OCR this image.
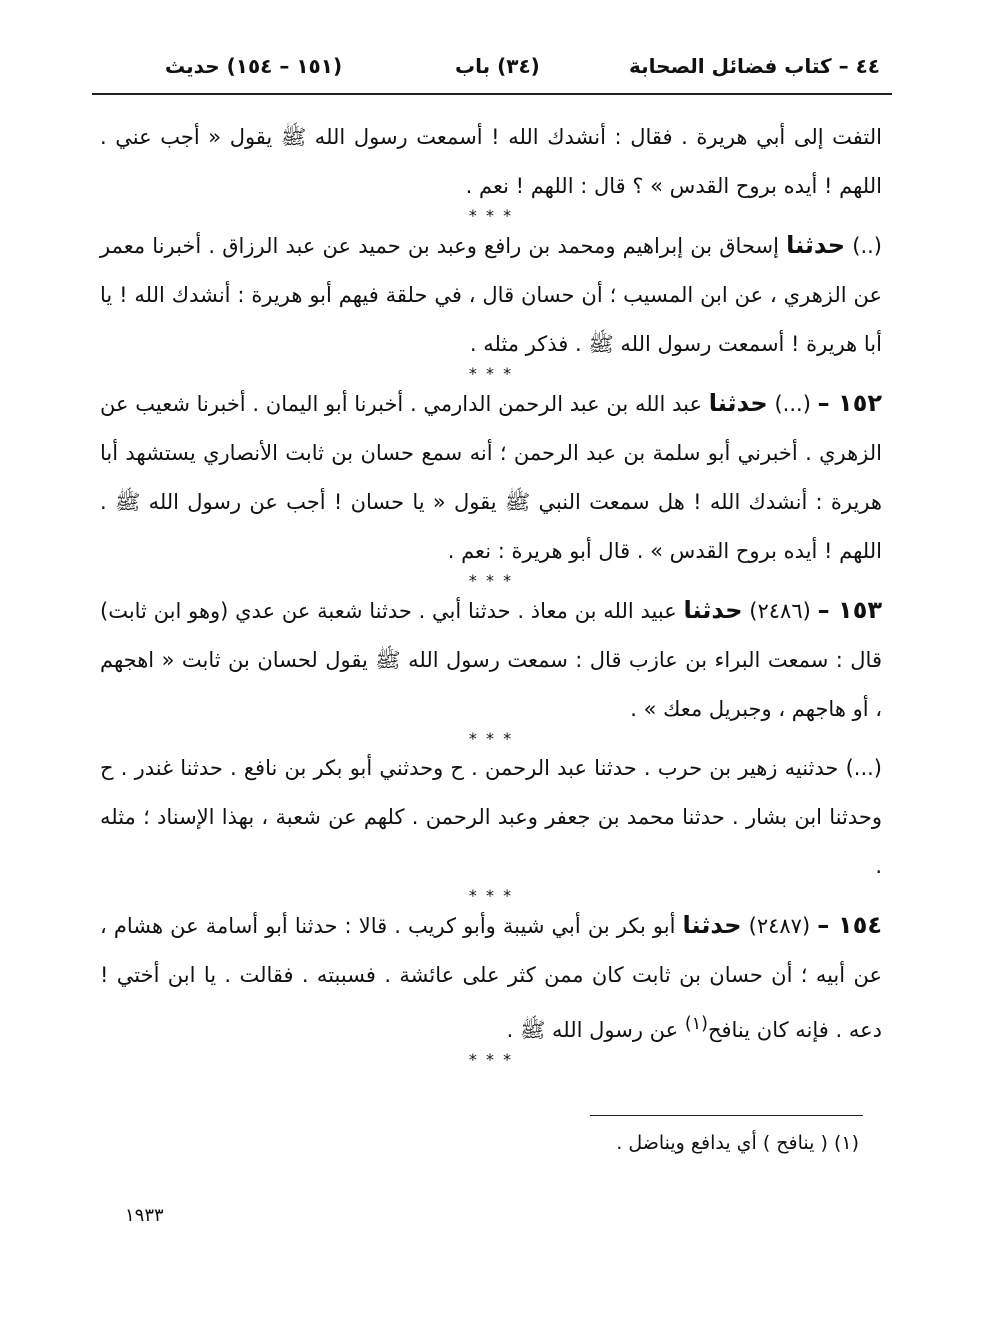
٤٤ – كتاب فضائل الصحابة
(٣٤) باب
(١٥١ – ١٥٤) حديث

التفت إلى أبي هريرة . فقال : أنشدك الله ! أسمعت رسول الله ﷺ يقول « أجب عني . اللهم ! أيده بروح القدس » ؟ قال : اللهم ! نعم .

* * *

(..) حدثنا إسحاق بن إبراهيم ومحمد بن رافع وعبد بن حميد عن عبد الرزاق . أخبرنا معمر عن الزهري ، عن ابن المسيب ؛ أن حسان قال ، في حلقة فيهم أبو هريرة : أنشدك الله ! يا أبا هريرة ! أسمعت رسول الله ﷺ . فذكر مثله .

* * *

١٥٢ – (...) حدثنا عبد الله بن عبد الرحمن الدارمي . أخبرنا أبو اليمان . أخبرنا شعيب عن الزهري . أخبرني أبو سلمة بن عبد الرحمن ؛ أنه سمع حسان بن ثابت الأنصاري يستشهد أبا هريرة : أنشدك الله ! هل سمعت النبي ﷺ يقول « يا حسان ! أجب عن رسول الله ﷺ . اللهم ! أيده بروح القدس » . قال أبو هريرة : نعم .

* * *

١٥٣ – (٢٤٨٦) حدثنا عبيد الله بن معاذ . حدثنا أبي . حدثنا شعبة عن عدي (وهو ابن ثابت) قال : سمعت البراء بن عازب قال : سمعت رسول الله ﷺ يقول لحسان بن ثابت « اهجهم ، أو هاجهم ، وجبريل معك » .

* * *

(...) حدثنيه زهير بن حرب . حدثنا عبد الرحمن . ح وحدثني أبو بكر بن نافع . حدثنا غندر . ح وحدثنا ابن بشار . حدثنا محمد بن جعفر وعبد الرحمن . كلهم عن شعبة ، بهذا الإسناد ؛ مثله .

* * *

١٥٤ – (٢٤٨٧) حدثنا أبو بكر بن أبي شيبة وأبو كريب . قالا : حدثنا أبو أسامة عن هشام ، عن أبيه ؛ أن حسان بن ثابت كان ممن كثر على عائشة . فسببته . فقالت . يا ابن أختي ! دعه . فإنه كان ينافح$^{(١)}$ عن رسول الله ﷺ .

* * *
(١) ( ينافح ) أي يدافع ويناضل .
١٩٣٣
